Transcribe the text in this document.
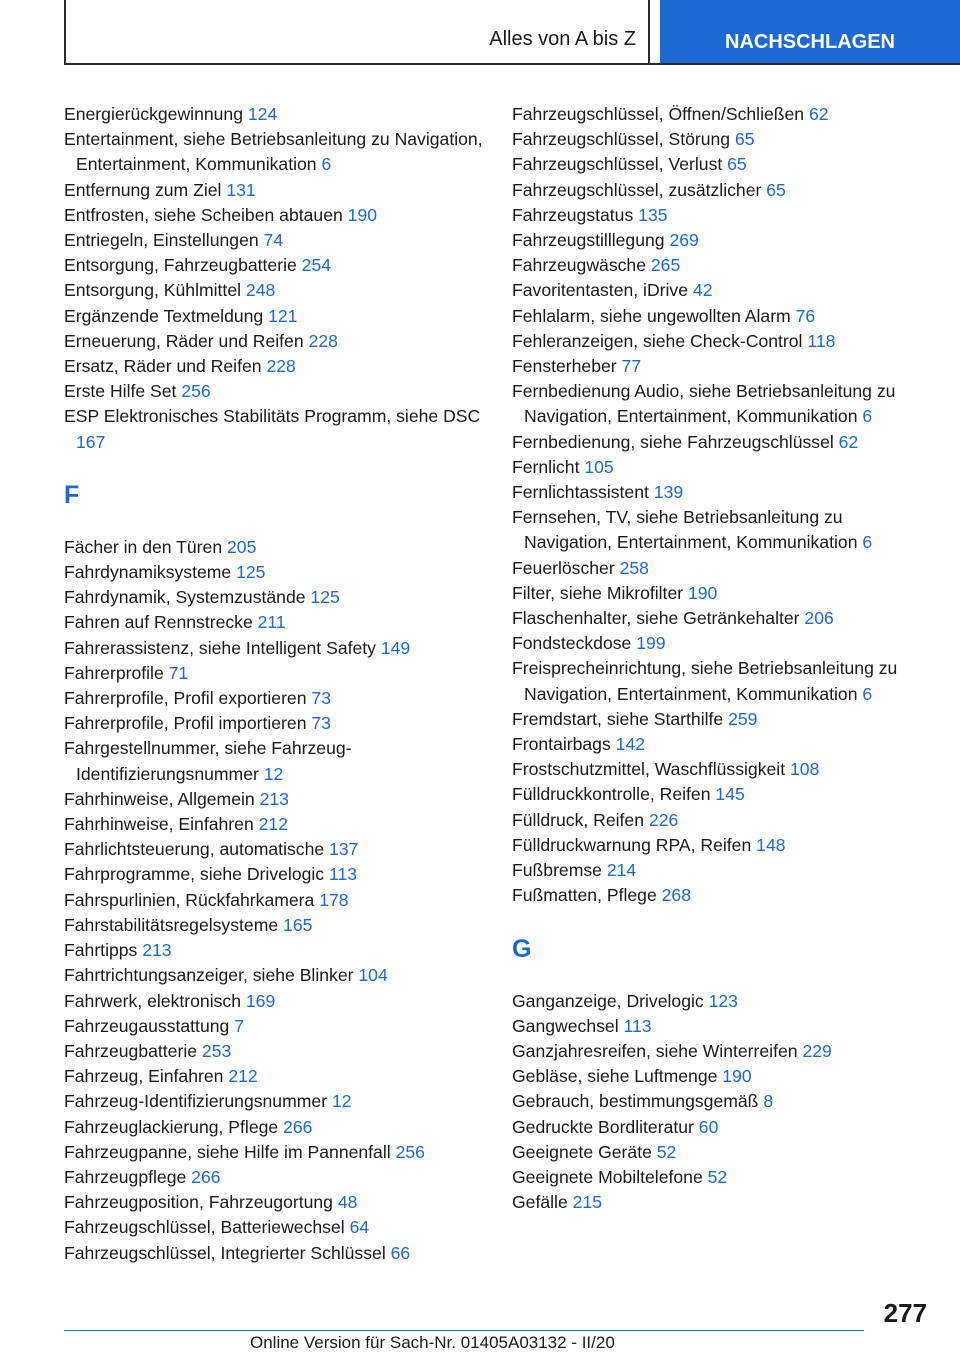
Alles von A bis Z	NACHSCHLAGEN
Energierückgewinnung 124
Entertainment, siehe Betriebsanleitung zu Navigation, Entertainment, Kommunikation 6
Entfernung zum Ziel 131
Entfrosten, siehe Scheiben abtauen 190
Entriegeln, Einstellungen 74
Entsorgung, Fahrzeugbatterie 254
Entsorgung, Kühlmittel 248
Ergänzende Textmeldung 121
Erneuerung, Räder und Reifen 228
Ersatz, Räder und Reifen 228
Erste Hilfe Set 256
ESP Elektronisches Stabilitäts Programm, siehe DSC 167
F
Fächer in den Türen 205
Fahrdynamiksysteme 125
Fahrdynamik, Systemzustände 125
Fahren auf Rennstrecke 211
Fahrerassistenz, siehe Intelligent Safety 149
Fahrerprofile 71
Fahrerprofile, Profil exportieren 73
Fahrerprofile, Profil importieren 73
Fahrgestellnummer, siehe Fahrzeug-Identifizierungsnummer 12
Fahrhinweise, Allgemein 213
Fahrhinweise, Einfahren 212
Fahrlichtsteuerung, automatische 137
Fahrprogramme, siehe Drivelogic 113
Fahrspurlinien, Rückfahrkamera 178
Fahrstabilitätsregelsysteme 165
Fahrtipps 213
Fahrtrichtungsanzeiger, siehe Blinker 104
Fahrwerk, elektronisch 169
Fahrzeugausstattung 7
Fahrzeugbatterie 253
Fahrzeug, Einfahren 212
Fahrzeug-Identifizierungsnummer 12
Fahrzeuglackierung, Pflege 266
Fahrzeugpanne, siehe Hilfe im Pannenfall 256
Fahrzeugpflege 266
Fahrzeugposition, Fahrzeugortung 48
Fahrzeugschlüssel, Batteriewechsel 64
Fahrzeugschlüssel, Integrierter Schlüssel 66
Fahrzeugschlüssel, Öffnen/Schließen 62
Fahrzeugschlüssel, Störung 65
Fahrzeugschlüssel, Verlust 65
Fahrzeugschlüssel, zusätzlicher 65
Fahrzeugstatus 135
Fahrzeugstilllegung 269
Fahrzeugwäsche 265
Favoritentasten, iDrive 42
Fehlalarm, siehe ungewollten Alarm 76
Fehleranzeigen, siehe Check-Control 118
Fensterheber 77
Fernbedienung Audio, siehe Betriebsanleitung zu Navigation, Entertainment, Kommunikation 6
Fernbedienung, siehe Fahrzeugschlüssel 62
Fernlicht 105
Fernlichtassistent 139
Fernsehen, TV, siehe Betriebsanleitung zu Navigation, Entertainment, Kommunikation 6
Feuerlöscher 258
Filter, siehe Mikrofilter 190
Flaschenhalter, siehe Getränkehalter 206
Fondsteckdose 199
Freisprecheinrichtung, siehe Betriebsanleitung zu Navigation, Entertainment, Kommunikation 6
Fremdstart, siehe Starthilfe 259
Frontairbags 142
Frostschutzmittel, Waschflüssigkeit 108
Fülldruckkontrolle, Reifen 145
Fülldruck, Reifen 226
Fülldruckwarnung RPA, Reifen 148
Fußbremse 214
Fußmatten, Pflege 268
G
Ganganzeige, Drivelogic 123
Gangwechsel 113
Ganzjahresreifen, siehe Winterreifen 229
Gebläse, siehe Luftmenge 190
Gebrauch, bestimmungsgemäß 8
Gedruckte Bordliteratur 60
Geeignete Geräte 52
Geeignete Mobiltelefone 52
Gefälle 215
277
Online Version für Sach-Nr. 01405A03132 - II/20
